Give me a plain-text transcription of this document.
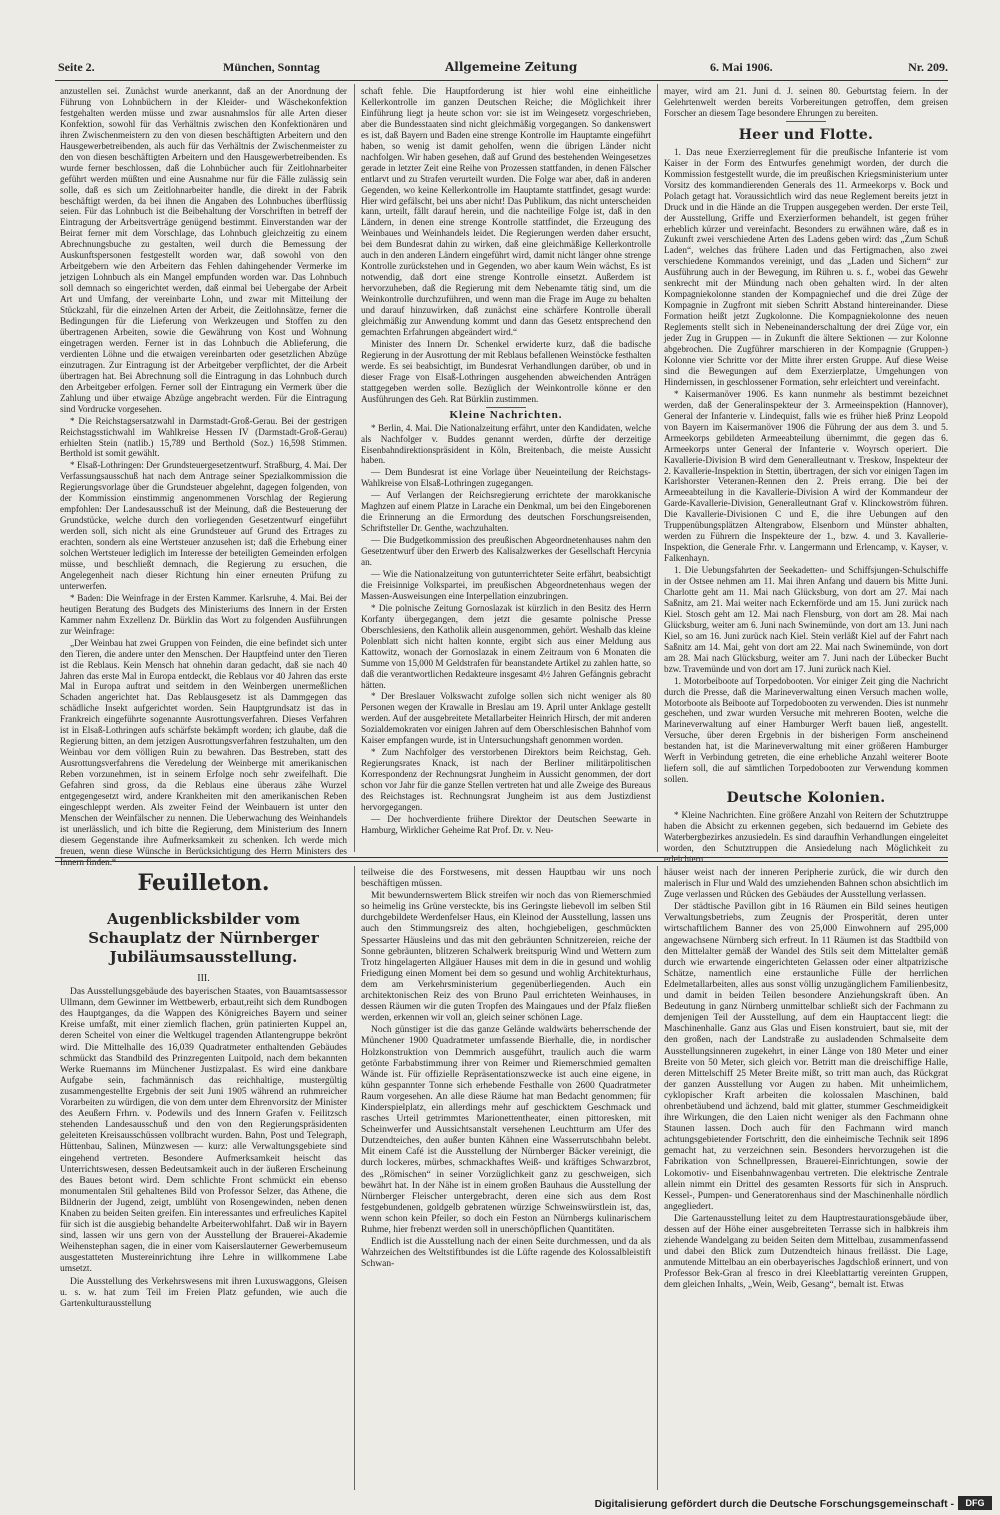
Seite 2.	München, Sonntag	Allgemeine Zeitung	6. Mai 1906.	Nr. 209.

anzustellen sei. Zunächst wurde anerkannt, daß an der Anordnung der Führung von Lohnbüchern in der Kleider- und Wäschekonfektion festgehalten werden müsse und zwar ausnahmslos für alle Arten dieser Konfektion, sowohl für das Verhältnis zwischen den Konfektionären und ihren Zwischenmeistern zu den von diesen beschäftigten Arbeitern und den Hausgewerbetreibenden, als auch für das Verhältnis der Zwischenmeister zu den von diesen beschäftigten Arbeitern und den Hausgewerbetreibenden. Es wurde ferner beschlossen, daß die Lohnbücher auch für Zeitlohnarbeiter geführt werden müßten und eine Ausnahme nur für die Fälle zulässig sein solle, daß es sich um Zeitlohnarbeiter handle, die direkt in der Fabrik beschäftigt werden, da bei ihnen die Angaben des Lohnbuches überflüssig seien. Für das Lohnbuch ist die Beibehaltung der Vorschriften in betreff der Eintragung der Arbeitsverträge genügend bestimmt. Einverstanden war der Beirat ferner mit dem Vorschlage, das Lohnbuch gleichzeitig zu einem Abrechnungsbuche zu gestalten, weil durch die Bemessung der Auskunftspersonen festgestellt worden war, daß sowohl von den Arbeitgebern wie den Arbeitern das Fehlen dahingehender Vermerke im jetzigen Lohnbuch als ein Mangel empfunden worden war. Das Lohnbuch soll demnach so eingerichtet werden, daß einmal bei Uebergabe der Arbeit Art und Umfang, der vereinbarte Lohn, und zwar mit Mitteilung der Stückzahl, für die einzelnen Arten der Arbeit, die Zeitlohnsätze, ferner die Bedingungen für die Lieferung von Werkzeugen und Stoffen zu den übertragenen Arbeiten, sowie die Gewährung von Kost und Wohnung eingetragen werden. Ferner ist in das Lohnbuch die Ablieferung, die verdienten Löhne und die etwaigen vereinbarten oder gesetzlichen Abzüge einzutragen. Zur Eintragung ist der Arbeitgeber verpflichtet, der die Arbeit übertragen hat. Bei Abrechnung soll die Eintragung in das Lohnbuch durch den Arbeitgeber erfolgen. Ferner soll der Eintragung ein Vermerk über die Zahlung und über etwaige Abzüge angebracht werden. Für die Eintragung sind Vordrucke vorgesehen.

* Die Reichstagsersatzwahl in Darmstadt-Groß-Gerau. Bei der gestrigen Reichstagsstichwahl im Wahlkreise Hessen IV (Darmstadt-Groß-Gerau) erhielten Stein (natlib.) 15,789 und Berthold (Soz.) 16,598 Stimmen. Berthold ist somit gewählt.

* Elsaß-Lothringen: Der Grundsteuergesetzentwurf. Straßburg, 4. Mai. Der Verfassungsausschuß hat nach dem Antrage seiner Spezialkommission die Regierungsvorlage über die Grundsteuer abgelehnt, dagegen folgenden, von der Kommission einstimmig angenommenen Vorschlag der Regierung empfohlen: Der Landesausschuß ist der Meinung, daß die Besteuerung der Grundstücke, welche durch den vorliegenden Gesetzentwurf eingeführt werden soll, sich nicht als eine Grundsteuer auf Grund des Ertrages zu erachten, sondern als eine Wertsteuer anzusehen ist; daß die Erhebung einer solchen Wertsteuer lediglich im Interesse der beteiligten Gemeinden erfolgen müsse, und beschließt demnach, die Regierung zu ersuchen, die Angelegenheit nach dieser Richtung hin einer erneuten Prüfung zu unterwerfen.

* Baden: Die Weinfrage in der Ersten Kammer. Karlsruhe, 4. Mai. Bei der heutigen Beratung des Budgets des Ministeriums des Innern in der Ersten Kammer nahm Exzellenz Dr. Bürklin das Wort zu folgenden Ausführungen zur Weinfrage:

„Der Weinbau hat zwei Gruppen von Feinden, die eine befindet sich unter den Tieren, die andere unter den Menschen. Der Hauptfeind unter den Tieren ist die Reblaus. Kein Mensch hat ohnehin daran gedacht, daß sie nach 40 Jahren das erste Mal in Europa entdeckt, die Reblaus vor 40 Jahren das erste Mal in Europa auftrat und seitdem in den Weinbergen unermeßlichen Schaden angerichtet hat. Das Reblausgesetz ist als Dammgegen das schädliche Insekt aufgerichtet worden. Sein Hauptgrundsatz ist das in Frankreich eingeführte sogenannte Ausrottungsverfahren. Dieses Verfahren ist in Elsaß-Lothringen aufs schärfste bekämpft worden; ich glaube, daß die Regierung bitten, an dem jetzigen Ausrottungsverfahren festzuhalten, um den Weinbau vor dem völligen Ruin zu bewahren. Das Bestreben, statt des Ausrottungsverfahrens die Veredelung der Weinberge mit amerikanischen Reben vorzunehmen, ist in seinem Erfolge noch sehr zweifelhaft. Die Gefahren sind gross, da die Reblaus eine überaus zähe Wurzel entgegengesetzt wird, andere Krankheiten mit den amerikanischen Reben eingeschleppt werden. Als zweiter Feind der Weinbauern ist unter den Menschen der Weinfälscher zu nennen. Die Ueberwachung des Weinhandels ist unerlässlich, und ich bitte die Regierung, dem Ministerium des Innern diesem Gegenstande ihre Aufmerksamkeit zu schenken. Ich werde mich freuen, wenn diese Wünsche in Berücksichtigung des Herrn Ministers des Innern finden.“

schaft fehle. Die Hauptforderung ist hier wohl eine einheitliche Kellerkontrolle im ganzen Deutschen Reiche; die Möglichkeit ihrer Einführung liegt ja heute schon vor: sie ist im Weingesetz vorgeschrieben, aber die Bundesstaaten sind nicht gleichmäßig vorgegangen. So dankenswert es ist, daß Bayern und Baden eine strenge Kontrolle im Hauptamte eingeführt haben, so wenig ist damit geholfen, wenn die übrigen Länder nicht nachfolgen. Wir haben gesehen, daß auf Grund des bestehenden Weingesetzes gerade in letzter Zeit eine Reihe von Prozessen stattfanden, in denen Fälscher entlarvt und zu Strafen verurteilt wurden. Die Folge war aber, daß in anderen Gegenden, wo keine Kellerkontrolle im Hauptamte stattfindet, gesagt wurde: Hier wird gefälscht, bei uns aber nicht! Das Publikum, das nicht unterscheiden kann, urteilt, fällt darauf herein, und die nachteilige Folge ist, daß in den Ländern, in denen eine strenge Kontrolle stattfindet, die Erzeugung des Weinbaues und Weinhandels leidet. Die Regierungen werden daher ersucht, bei dem Bundesrat dahin zu wirken, daß eine gleichmäßige Kellerkontrolle auch in den anderen Ländern eingeführt wird, damit nicht länger ohne strenge Kontrolle zurückstehen und in Gegenden, wo aber kaum Wein wächst, Es ist notwendig, daß dort eine strenge Kontrolle einsetzt. Außerdem ist hervorzuheben, daß die Regierung mit dem Nebenamte tätig sind, um die Weinkontrolle durchzuführen, und wenn man die Frage im Auge zu behalten und darauf hinzuwirken, daß zunächst eine schärfere Kontrolle überall gleichmäßig zur Anwendung kommt und dann das Gesetz entsprechend den gemachten Erfahrungen abgeändert wird.“

Minister des Innern Dr. Schenkel erwiderte kurz, daß die badische Regierung in der Ausrottung der mit Reblaus befallenen Weinstöcke festhalten werde. Es sei beabsichtigt, im Bundesrat Verhandlungen darüber, ob und in dieser Frage von Elsaß-Lothringen ausgehenden abweichenden Anträgen stattgegeben werden solle. Bezüglich der Weinkontrolle könne er den Ausführungen des Geh. Rat Bürklin zustimmen.

Kleine Nachrichten.

* Berlin, 4. Mai. Die Nationalzeitung erfährt, unter den Kandidaten, welche als Nachfolger v. Buddes genannt werden, dürfte der derzeitige Eisenbahndirektionspräsident in Köln, Breitenbach, die meiste Aussicht haben.

— Dem Bundesrat ist eine Vorlage über Neueinteilung der Reichstags-Wahlkreise von Elsaß-Lothringen zugegangen.

— Auf Verlangen der Reichsregierung errichtete der marokkanische Maghzen auf einem Platze in Larache ein Denkmal, um bei den Eingeborenen die Erinnerung an die Ermordung des deutschen Forschungsreisenden, Schriftsteller Dr. Genthe, wachzuhalten.

— Die Budgetkommission des preußischen Abgeordnetenhauses nahm den Gesetzentwurf über den Erwerb des Kalisalzwerkes der Gesellschaft Hercynia an.

— Wie die Nationalzeitung von gutunterrichteter Seite erfährt, beabsichtigt die Freisinnige Volkspartei, im preußischen Abgeordnetenhaus wegen der Massen-Ausweisungen eine Interpellation einzubringen.

* Die polnische Zeitung Gornoslazak ist kürzlich in den Besitz des Herrn Korfanty übergegangen, dem jetzt die gesamte polnische Presse Oberschlesiens, den Katholik allein ausgenommen, gehört. Weshalb das kleine Polenblatt sich nicht halten konnte, ergibt sich aus einer Meldung aus Kattowitz, wonach der Gornoslazak in einem Zeitraum von 6 Monaten die Summe von 15,000 M Geldstrafen für beanstandete Artikel zu zahlen hatte, so daß die verantwortlichen Redakteure insgesamt 4½ Jahren Gefängnis gebracht hätten.

* Der Breslauer Volkswacht zufolge sollen sich nicht weniger als 80 Personen wegen der Krawalle in Breslau am 19. April unter Anklage gestellt werden. Auf der ausgebreitete Metallarbeiter Heinrich Hirsch, der mit anderen Sozialdemokraten vor einigen Jahren auf dem Oberschlesischen Bahnhof vom Kaiser empfangen wurde, ist in Untersuchungshaft genommen worden.

* Zum Nachfolger des verstorbenen Direktors beim Reichstag, Geh. Regierungsrates Knack, ist nach der Berliner militärpolitischen Korrespondenz der Rechnungsrat Jungheim in Aussicht genommen, der dort schon vor Jahr für die ganze Stellen vertreten hat und alle Zweige des Bureaus des Reichstages ist. Rechnungsrat Jungheim ist aus dem Justizdienst hervorgegangen.

— Der hochverdiente frühere Direktor der Deutschen Seewarte in Hamburg, Wirklicher Geheime Rat Prof. Dr. v. Neu-

mayer, wird am 21. Juni d. J. seinen 80. Geburtstag feiern. In der Gelehrtenwelt werden bereits Vorbereitungen getroffen, dem greisen Forscher an diesem Tage besondere Ehrungen zu bereiten.

Heer und Flotte.

1. Das neue Exerzierreglement für die preußische Infanterie ist vom Kaiser in der Form des Entwurfes genehmigt worden, der durch die Kommission festgestellt wurde, die im preußischen Kriegsministerium unter Vorsitz des kommandierenden Generals des 11. Armeekorps v. Bock und Polach getagt hat. Voraussichtlich wird das neue Reglement bereits jetzt in Druck und in die Hände an die Truppen ausgegeben werden. Der erste Teil, der Ausstellung, Griffe und Exerzierformen behandelt, ist gegen früher erheblich kürzer und vereinfacht. Besonders zu erwähnen wäre, daß es in Zukunft zwei verschiedene Arten des Ladens geben wird: das „Zum Schuß Laden“, welches das frühere Laden und das Fertigmachen, also zwei verschiedene Kommandos vereinigt, und das „Laden und Sichern“ zur Ausführung auch in der Bewegung, im Rühren u. s. f., wobei das Gewehr senkrecht mit der Mündung nach oben gehalten wird. In der alten Kompagniekolonne standen der Kompagniechef und die drei Züge der Kompagnie in Zugfront mit sieben Schritt Abstand hintereinander. Diese Formation heißt jetzt Zugkolonne. Die Kompagniekolonne des neuen Reglements stellt sich in Nebeneinanderschaltung der drei Züge vor, ein jeder Zug in Gruppen — in Zukunft die ältere Sektionen — zur Kolonne abgebrochen. Die Zugführer marschieren in der Kompagnie (Gruppen-) Kolonne vier Schritte vor der Mitte ihrer ersten Gruppe. Auf diese Weise sind die Bewegungen auf dem Exerzierplatze, Umgehungen von Hindernissen, in geschlossener Formation, sehr erleichtert und vereinfacht.

* Kaisermanöver 1906. Es kann nunmehr als bestimmt bezeichnet werden, daß der Generalinspekteur der 3. Armeeinspektion (Hannover), General der Infanterie v. Lindequist, falls wie es früher hieß Prinz Leopold von Bayern im Kaisermanöver 1906 die Führung der aus dem 3. und 5. Armeekorps gebildeten Armeeabteilung übernimmt, die gegen das 6. Armeekorps unter General der Infanterie v. Woyrsch operiert. Die Kavallerie-Division B wird dem Generalleutnant v. Treskow, Inspekteur der 2. Kavallerie-Inspektion in Stettin, übertragen, der sich vor einigen Tagen im Karlshorster Veteranen-Rennen den 2. Preis errang. Die bei der Armeeabteilung in die Kavallerie-Division A wird der Kommandeur der Garde-Kavallerie-Division, Generalleutnant Graf v. Klinckowström führen. Die Kavallerie-Divisionen C und E, die ihre Uebungen auf den Truppenübungsplätzen Altengrabow, Elsenborn und Münster abhalten, werden zu Führern die Inspekteure der 1., bzw. 4. und 3. Kavallerie-Inspektion, die Generale Frhr. v. Langermann und Erlencamp, v. Kayser, v. Falkenhayn.

1. Die Uebungsfahrten der Seekadetten- und Schiffsjungen-Schulschiffe in der Ostsee nehmen am 11. Mai ihren Anfang und dauern bis Mitte Juni. Charlotte geht am 11. Mai nach Glücksburg, von dort am 27. Mai nach Saßnitz, am 21. Mai weiter nach Eckernförde und am 15. Juni zurück nach Kiel. Stosch geht am 12. Mai nach Flensburg, von dort am 28. Mai nach Glücksburg, weiter am 6. Juni nach Swinemünde, von dort am 13. Juni nach Kiel, so am 16. Juni zurück nach Kiel. Stein verläßt Kiel auf der Fahrt nach Saßnitz am 14. Mai, geht von dort am 22. Mai nach Swinemünde, von dort am 28. Mai nach Glücksburg, weiter am 7. Juni nach der Lübecker Bucht bzw. Travemünde und von dort am 17. Juni zurück nach Kiel.

1. Motorbeiboote auf Torpedobooten. Vor einiger Zeit ging die Nachricht durch die Presse, daß die Marineverwaltung einen Versuch machen wolle, Motorboote als Beiboote auf Torpedobooten zu verwenden. Dies ist nunmehr geschehen, und zwar wurden Versuche mit mehreren Booten, welche die Marineverwaltung auf einer Hamburger Werft bauen ließ, angestellt. Versuche, über deren Ergebnis in der bisherigen Form anscheinend bestanden hat, ist die Marineverwaltung mit einer größeren Hamburger Werft in Verbindung getreten, die eine erhebliche Anzahl weiterer Boote liefern soll, die auf sämtlichen Torpedobooten zur Verwendung kommen sollen.

Deutsche Kolonien.

* Kleine Nachrichten. Eine größere Anzahl von Reitern der Schutztruppe haben die Absicht zu erkennen gegeben, sich bedauernd im Gebiete des Waterbergbezirkes anzusiedeln. Es sind daraufhin Verhandlungen eingeleitet worden, den Schutztruppen die Ansiedelung nach Möglichkeit zu erleichtern.

Feuilleton.

Augenblicksbilder vom Schauplatz der Nürnberger Jubiläumsausstellung.

III.

Das Ausstellungsgebäude des bayerischen Staates, von Bauamtsassessor Ullmann, dem Gewinner im Wettbewerb, erbaut,reiht sich dem Rundbogen des Hauptganges, da die Wappen des Königreiches Bayern und seiner Kreise umfaßt, mit einer ziemlich flachen, grün patinierten Kuppel an, deren Scheitel von einer die Weltkugel tragenden Atlantengruppe bekrönt wird. Die Mittelhalle des 16,039 Quadratmeter enthaltenden Gebäudes schmückt das Standbild des Prinzregenten Luitpold, nach dem bekannten Werke Ruemanns im Münchener Justizpalast. Es wird eine dankbare Aufgabe sein, fachmännisch das reichhaltige, mustergültig zusammengestellte Ergebnis der seit Juni 1905 während an ruhmreicher Vorarbeiten zu würdigen, die von dem unter dem Ehrenvorsitz der Minister des Aeußern Frhrn. v. Podewils und des Innern Grafen v. Feilitzsch stehenden Landesausschuß und den von den Regierungspräsidenten geleiteten Kreisausschüssen vollbracht wurden. Bahn, Post und Telegraph, Hüttenbau, Salinen, Münzwesen — kurz: alle Verwaltungsgebiete sind eingehend vertreten. Besondere Aufmerksamkeit heischt das Unterrichtswesen, dessen Bedeutsamkeit auch in der äußeren Erscheinung des Baues betont wird. Dem schlichte Front schmückt ein ebenso monumentalen Stil gehaltenes Bild von Professor Selzer, das Athene, die Bildnerin der Jugend, zeigt, umblüht von Rosengewinden, neben denen Knaben zu beiden Seiten greifen. Ein interessantes und erfreuliches Kapitel für sich ist die ausgiebig behandelte Arbeiterwohlfahrt. Daß wir in Bayern sind, lassen wir uns gern von der Ausstellung der Brauerei-Akademie Weihenstephan sagen, die in einer vom Kaiserslauterner Gewerbemuseum ausgestatteten Mustereinrichtung ihre Lehre in willkommene Labe umsetzt.

Die Ausstellung des Verkehrswesens mit ihren Luxuswaggons, Gleisen u. s. w. hat zum Teil im Freien Platz gefunden, wie auch die Gartenkulturausstellung

teilweise die des Forstwesens, mit dessen Hauptbau wir uns noch beschäftigen müssen.

Mit bewundernswertem Blick streifen wir noch das von Riemerschmied so heimelig ins Grüne versteckte, bis ins Geringste liebevoll im selben Stil durchgebildete Werdenfelser Haus, ein Kleinod der Ausstellung, lassen uns auch den Stimmungsreiz des alten, hochgiebeligen, geschmückten Spessarter Häusleins und das mit den gebräunten Schnitzereien, reiche der Sonne gebräunten, blitzeren Schalwerk breitspurig Wind und Wettern zum Trotz hingelagerten Allgäuer Hauses mit dem in die in gesund und wohlig Friedigung einen Moment bei dem so gesund und wohlig Architekturhaus, dem am Verkehrsministerium gegenüberliegenden. Auch ein architektonischen Reiz des von Bruno Paul errichteten Weinhauses, in dessen Räumen wir die guten Tropfen des Maingaues und der Pfalz fließen werden, erkennen wir voll an, gleich seiner schönen Lage.

Noch günstiger ist die das ganze Gelände waldwärts beherrschende der Münchener 1900 Quadratmeter umfassende Bierhalle, die, in nordischer Holzkonstruktion von Demmrich ausgeführt, traulich auch die warm getönte Farbabstimmung ihrer von Reimer und Riemerschmied gemalten Wände ist. Für offizielle Repräsentationszwecke ist auch eine eigene, in kühn gespannter Tonne sich erhebende Festhalle von 2600 Quadratmeter Raum vorgesehen. An alle diese Räume hat man Bedacht genommen; für Kinderspielplatz, ein allerdings mehr auf geschicktem Geschmack und rasches Urteil getrimmtes Marionettentheater, einen pittoresken, mit Scheinwerfer und Aussichtsanstalt versehenen Leuchtturm am Ufer des Dutzendteiches, den außer bunten Kähnen eine Wasserrutschbahn belebt. Mit einem Café ist die Ausstellung der Nürnberger Bäcker vereinigt, die durch lockeres, mürbes, schmackhaftes Weiß- und kräftiges Schwarzbrot, des „Römischen“ in seiner Vorzüglichkeit ganz zu geschweigen, sich bewährt hat. In der Nähe ist in einem großen Bauhaus die Ausstellung der Nürnberger Fleischer untergebracht, deren eine sich aus dem Rost festgebundenen, goldgelb gebratenen würzige Schweinswürstlein ist, das, wenn schon kein Pfeiler, so doch ein Feston an Nürnbergs kulinarischem Ruhme, hier frebenzt werden soll in unerschöpflichen Quantitäten.

Endlich ist die Ausstellung nach der einen Seite durchmessen, und da als Wahrzeichen des Weltstiftbundes ist die Lüfte ragende des Kolossalbleistift Schwan-

häuser weist nach der inneren Peripherie zurück, die wir durch den malerisch in Flur und Wald des umziehenden Bahnen schon absichtlich im Zuge verlassen und Rücken des Gebäudes der Ausstellung verlassen.

Der städtische Pavillon gibt in 16 Räumen ein Bild seines heutigen Verwaltungsbetriebs, zum Zeugnis der Prosperität, deren unter wirtschaftlichem Banner des von 25,000 Einwohnern auf 295,000 angewachsene Nürnberg sich erfreut. In 11 Räumen ist das Stadtbild von den Mittelalter gemäß der Wandel des Stils seit dem Mittelalter gemäß durch wie erwartende eingerichteten Gelassen oder einer altpatrizische Schätze, namentlich eine erstaunliche Fülle der herrlichen Edelmetallarbeiten, alles aus sonst völlig unzugänglichem Familienbesitz, und damit in beiden Teilen besondere Anziehungskraft üben. An Bedeutung in ganz Nürnberg unmittelbar schließt sich der Fachmann zu demjenigen Teil der Ausstellung, auf dem ein Hauptaccent liegt: die Maschinenhalle. Ganz aus Glas und Eisen konstruiert, baut sie, mit der den großen, nach der Landstraße zu ausladenden Schmalseite dem Ausstellungsinneren zugekehrt, in einer Länge von 180 Meter und einer Breite von 50 Meter, sich gleich vor. Betritt man die dreischiffige Halle, deren Mittelschiff 25 Meter Breite mißt, so tritt man auch, das Rückgrat der ganzen Ausstellung vor Augen zu haben. Mit unheimlichem, cyklopischer Kraft arbeiten die kolossalen Maschinen, bald ohrenbetäubend und ächzend, bald mit glatter, stummer Geschmeidigkeit ihre Wirkungen, die den Laien nicht weniger als den Fachmann ohne Staunen lassen. Doch auch für den Fachmann wird manch achtungsgebietender Fortschritt, den die einheimische Technik seit 1896 gemacht hat, zu verzeichnen sein. Besonders hervorzugehen ist die Fabrikation von Schnellpressen, Brauerei-Einrichtungen, sowie der Lokomotiv- und Eisenbahnwagenbau vertreten. Die elektrische Zentrale allein nimmt ein Drittel des gesamten Ressorts für sich in Anspruch. Kessel-, Pumpen- und Generatorenhaus sind der Maschinenhalle nördlich angegliedert.

Die Gartenausstellung leitet zu dem Hauptrestaurationsgebäude über, dessen auf der Höhe einer ausgebreiteten Terrasse sich in halbkreis ihm ziehende Wandelgang zu beiden Seiten dem Mittelbau, zusammenfassend und dabei den Blick zum Dutzendteich hinaus freilässt. Die Lage, anmutende Mittelbau an ein oberbayerisches Jagdschloß erinnert, und von Professor Bek-Gran al fresco in drei Kleeblattartig vereinten Gruppen, dem gleichen Inhalts, „Wein, Weib, Gesang“, bemalt ist. Etwas

Digitalisierung gefördert durch die Deutsche Forschungsgemeinschaft -	DFG
